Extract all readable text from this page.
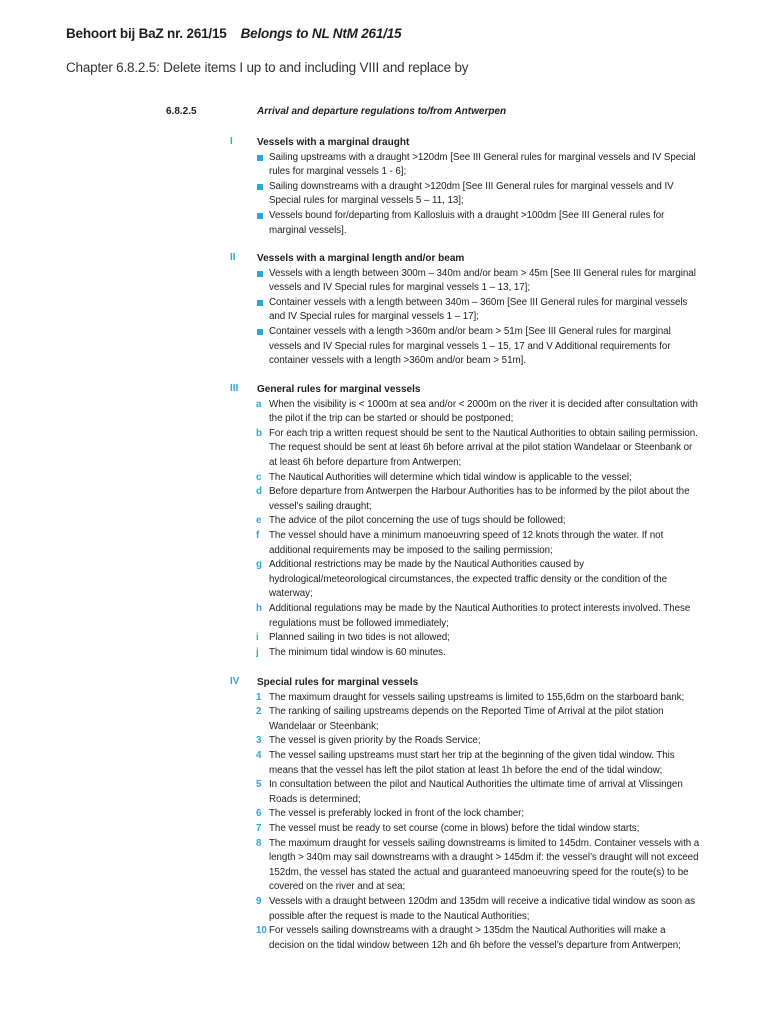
Behoort bij BaZ nr. 261/15 Belongs to NL NtM 261/15
Chapter 6.8.2.5: Delete items I up to and including VIII and replace by
6.8.2.5	Arrival and departure regulations to/from Antwerpen
I Vessels with a marginal draught
Sailing upstreams with a draught >120dm [See III General rules for marginal vessels and IV Special rules for marginal vessels 1 - 6];
Sailing downstreams with a draught >120dm [See III General rules for marginal vessels and IV Special rules for marginal vessels 5 – 11, 13];
Vessels bound for/departing from Kallosluis with a draught >100dm [See III General rules for marginal vessels].
II Vessels with a marginal length and/or beam
Vessels with a length between 300m – 340m and/or beam > 45m [See III General rules for marginal vessels and IV Special rules for marginal vessels 1 – 13, 17];
Container vessels with a length between 340m – 360m [See III General rules for marginal vessels and IV Special rules for marginal vessels 1 – 17];
Container vessels with a length >360m and/or beam > 51m [See III General rules for marginal vessels and IV Special rules for marginal vessels 1 – 15, 17 and V Additional requirements for container vessels with a length >360m and/or beam > 51m].
III General rules for marginal vessels
a When the visibility is < 1000m at sea and/or < 2000m on the river it is decided after consultation with the pilot if the trip can be started or should be postponed;
b For each trip a written request should be sent to the Nautical Authorities to obtain sailing permission. The request should be sent at least 6h before arrival at the pilot station Wandelaar or Steenbank or at least 6h before departure from Antwerpen;
c The Nautical Authorities will determine which tidal window is applicable to the vessel;
d Before departure from Antwerpen the Harbour Authorities has to be informed by the pilot about the vessel’s sailing draught;
e The advice of the pilot concerning the use of tugs should be followed;
f The vessel should have a minimum manoeuvring speed of 12 knots through the water. If not additional requirements may be imposed to the sailing permission;
g Additional restrictions may be made by the Nautical Authorities caused by hydrological/meteorological circumstances, the expected traffic density or the condition of the waterway;
h Additional regulations may be made by the Nautical Authorities to protect interests involved. These regulations must be followed immediately;
i Planned sailing in two tides is not allowed;
j The minimum tidal window is 60 minutes.
IV Special rules for marginal vessels
1 The maximum draught for vessels sailing upstreams is limited to 155,6dm on the starboard bank;
2 The ranking of sailing upstreams depends on the Reported Time of Arrival at the pilot station Wandelaar or Steenbank;
3 The vessel is given priority by the Roads Service;
4 The vessel sailing upstreams must start her trip at the beginning of the given tidal window. This means that the vessel has left the pilot station at least 1h before the end of the tidal window;
5 In consultation between the pilot and Nautical Authorities the ultimate time of arrival at Vlissingen Roads is determined;
6 The vessel is preferably locked in front of the lock chamber;
7 The vessel must be ready to set course (come in blows) before the tidal window starts;
8 The maximum draught for vessels sailing downstreams is limited to 145dm. Container vessels with a length > 340m may sail downstreams with a draught > 145dm if: the vessel’s draught will not exceed 152dm, the vessel has stated the actual and guaranteed manoeuvring speed for the route(s) to be covered on the river and at sea;
9 Vessels with a draught between 120dm and 135dm will receive a indicative tidal window as soon as possible after the request is made to the Nautical Authorities;
10 For vessels sailing downstreams with a draught > 135dm the Nautical Authorities will make a decision on the tidal window between 12h and 6h before the vessel’s departure from Antwerpen;
